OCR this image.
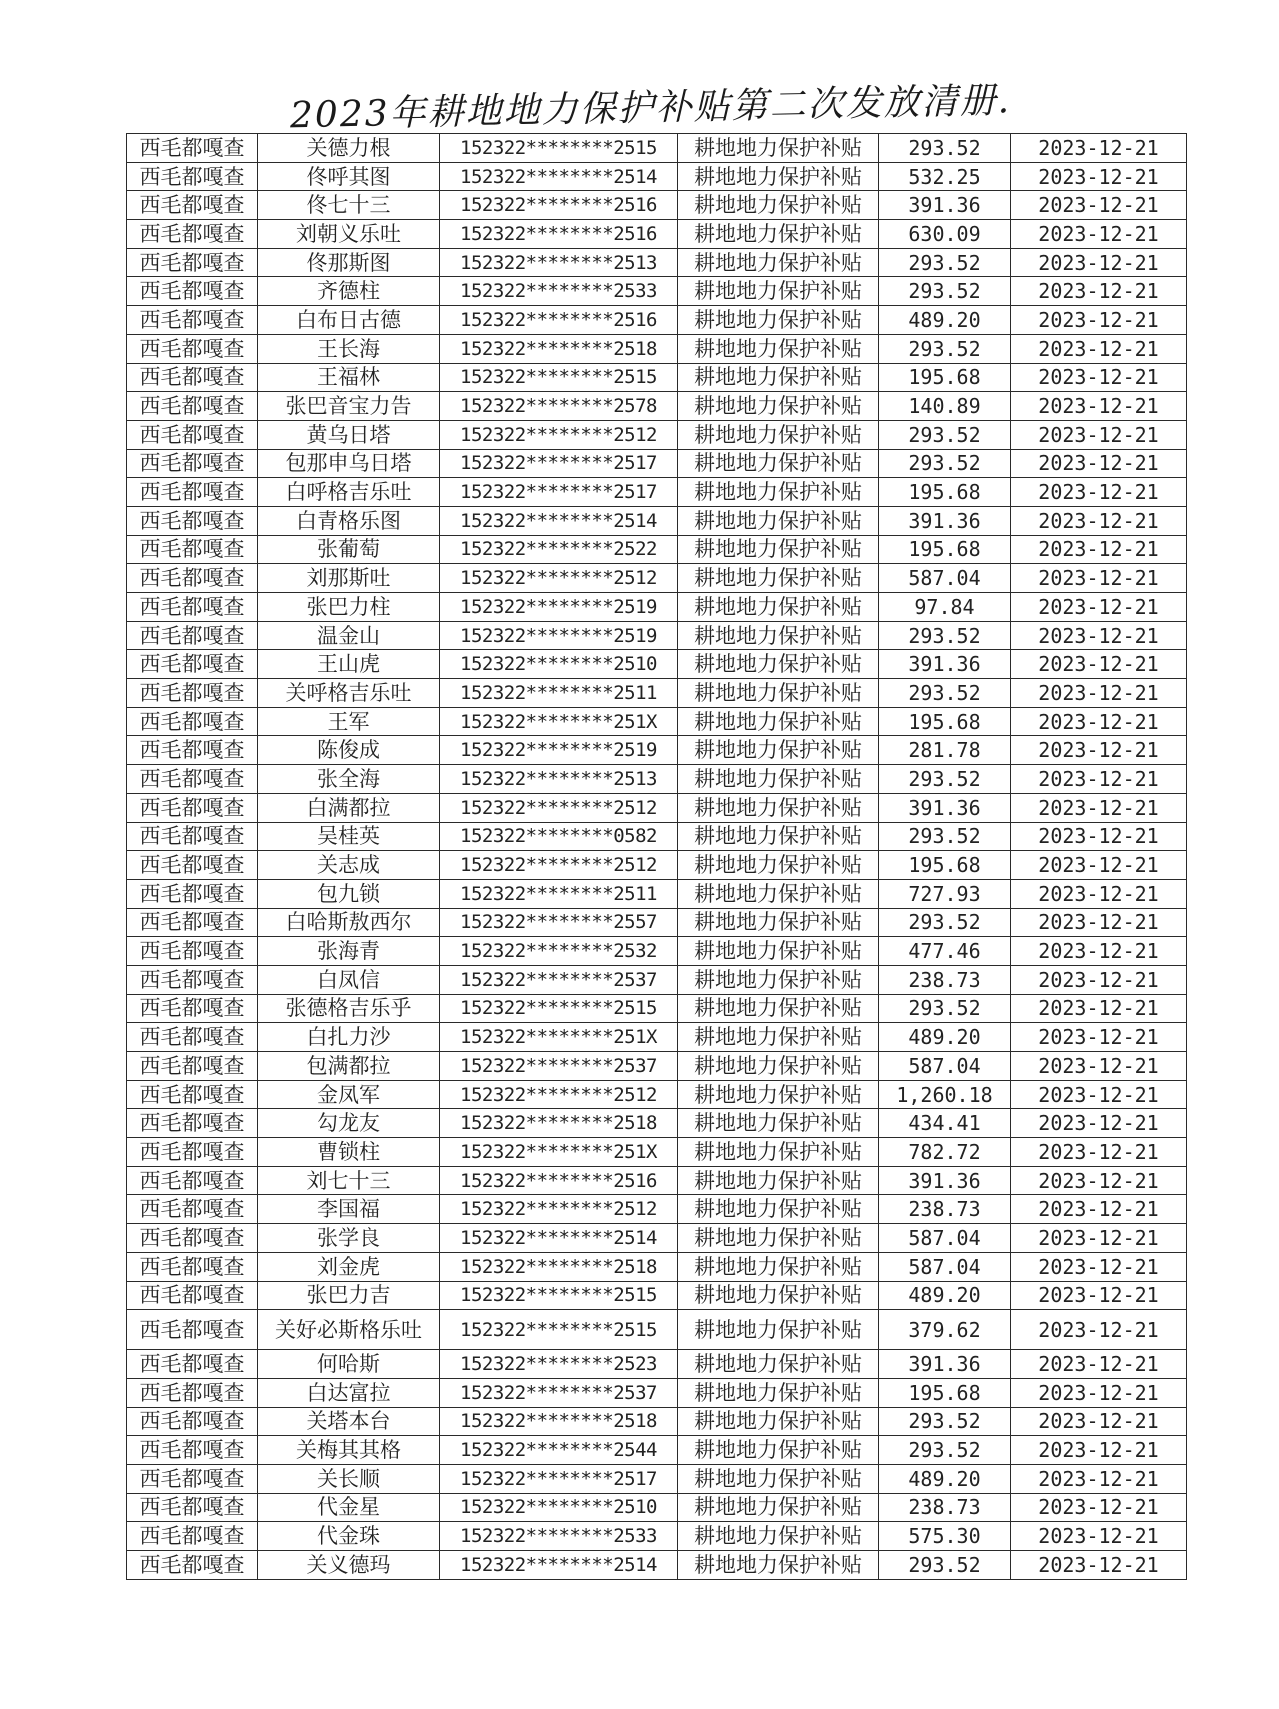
2023年耕地地力保护补贴第二次发放清册.
西毛都嘎查	关德力根	152322********2515	耕地地力保护补贴	293.52	2023-12-21
西毛都嘎查	佟呼其图	152322********2514	耕地地力保护补贴	532.25	2023-12-21
西毛都嘎查	佟七十三	152322********2516	耕地地力保护补贴	391.36	2023-12-21
西毛都嘎查	刘朝义乐吐	152322********2516	耕地地力保护补贴	630.09	2023-12-21
西毛都嘎查	佟那斯图	152322********2513	耕地地力保护补贴	293.52	2023-12-21
西毛都嘎查	齐德柱	152322********2533	耕地地力保护补贴	293.52	2023-12-21
西毛都嘎查	白布日古德	152322********2516	耕地地力保护补贴	489.20	2023-12-21
西毛都嘎查	王长海	152322********2518	耕地地力保护补贴	293.52	2023-12-21
西毛都嘎查	王福林	152322********2515	耕地地力保护补贴	195.68	2023-12-21
西毛都嘎查	张巴音宝力告	152322********2578	耕地地力保护补贴	140.89	2023-12-21
西毛都嘎查	黄乌日塔	152322********2512	耕地地力保护补贴	293.52	2023-12-21
西毛都嘎查	包那申乌日塔	152322********2517	耕地地力保护补贴	293.52	2023-12-21
西毛都嘎查	白呼格吉乐吐	152322********2517	耕地地力保护补贴	195.68	2023-12-21
西毛都嘎查	白青格乐图	152322********2514	耕地地力保护补贴	391.36	2023-12-21
西毛都嘎查	张葡萄	152322********2522	耕地地力保护补贴	195.68	2023-12-21
西毛都嘎查	刘那斯吐	152322********2512	耕地地力保护补贴	587.04	2023-12-21
西毛都嘎查	张巴力柱	152322********2519	耕地地力保护补贴	97.84	2023-12-21
西毛都嘎查	温金山	152322********2519	耕地地力保护补贴	293.52	2023-12-21
西毛都嘎查	王山虎	152322********2510	耕地地力保护补贴	391.36	2023-12-21
西毛都嘎查	关呼格吉乐吐	152322********2511	耕地地力保护补贴	293.52	2023-12-21
西毛都嘎查	王军	152322********251X	耕地地力保护补贴	195.68	2023-12-21
西毛都嘎查	陈俊成	152322********2519	耕地地力保护补贴	281.78	2023-12-21
西毛都嘎查	张全海	152322********2513	耕地地力保护补贴	293.52	2023-12-21
西毛都嘎查	白满都拉	152322********2512	耕地地力保护补贴	391.36	2023-12-21
西毛都嘎查	吴桂英	152322********0582	耕地地力保护补贴	293.52	2023-12-21
西毛都嘎查	关志成	152322********2512	耕地地力保护补贴	195.68	2023-12-21
西毛都嘎查	包九锁	152322********2511	耕地地力保护补贴	727.93	2023-12-21
西毛都嘎查	白哈斯敖西尔	152322********2557	耕地地力保护补贴	293.52	2023-12-21
西毛都嘎查	张海青	152322********2532	耕地地力保护补贴	477.46	2023-12-21
西毛都嘎查	白凤信	152322********2537	耕地地力保护补贴	238.73	2023-12-21
西毛都嘎查	张德格吉乐乎	152322********2515	耕地地力保护补贴	293.52	2023-12-21
西毛都嘎查	白扎力沙	152322********251X	耕地地力保护补贴	489.20	2023-12-21
西毛都嘎查	包满都拉	152322********2537	耕地地力保护补贴	587.04	2023-12-21
西毛都嘎查	金凤军	152322********2512	耕地地力保护补贴	1,260.18	2023-12-21
西毛都嘎查	勾龙友	152322********2518	耕地地力保护补贴	434.41	2023-12-21
西毛都嘎查	曹锁柱	152322********251X	耕地地力保护补贴	782.72	2023-12-21
西毛都嘎查	刘七十三	152322********2516	耕地地力保护补贴	391.36	2023-12-21
西毛都嘎查	李国福	152322********2512	耕地地力保护补贴	238.73	2023-12-21
西毛都嘎查	张学良	152322********2514	耕地地力保护补贴	587.04	2023-12-21
西毛都嘎查	刘金虎	152322********2518	耕地地力保护补贴	587.04	2023-12-21
西毛都嘎查	张巴力吉	152322********2515	耕地地力保护补贴	489.20	2023-12-21
西毛都嘎查	关好必斯格乐吐	152322********2515	耕地地力保护补贴	379.62	2023-12-21
西毛都嘎查	何哈斯	152322********2523	耕地地力保护补贴	391.36	2023-12-21
西毛都嘎查	白达富拉	152322********2537	耕地地力保护补贴	195.68	2023-12-21
西毛都嘎查	关塔本台	152322********2518	耕地地力保护补贴	293.52	2023-12-21
西毛都嘎查	关梅其其格	152322********2544	耕地地力保护补贴	293.52	2023-12-21
西毛都嘎查	关长顺	152322********2517	耕地地力保护补贴	489.20	2023-12-21
西毛都嘎查	代金星	152322********2510	耕地地力保护补贴	238.73	2023-12-21
西毛都嘎查	代金珠	152322********2533	耕地地力保护补贴	575.30	2023-12-21
西毛都嘎查	关义德玛	152322********2514	耕地地力保护补贴	293.52	2023-12-21
